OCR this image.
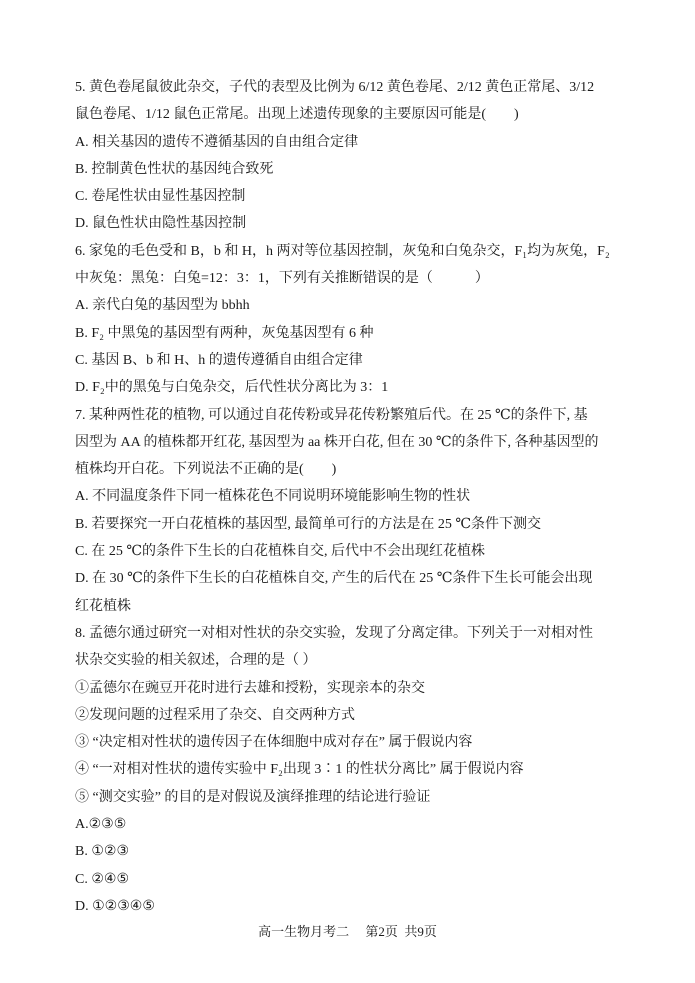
5. 黄色卷尾鼠彼此杂交，子代的表型及比例为 6/12 黄色卷尾、2/12 黄色正常尾、3/12
鼠色卷尾、1/12 鼠色正常尾。出现上述遗传现象的主要原因可能是(　　)
A. 相关基因的遗传不遵循基因的自由组合定律
B. 控制黄色性状的基因纯合致死
C. 卷尾性状由显性基因控制
D. 鼠色性状由隐性基因控制
6. 家兔的毛色受和 B，b 和 H，h 两对等位基因控制，灰兔和白兔杂交，F₁均为灰兔，F₂
中灰兔：黑兔：白兔=12：3：1，下列有关推断错误的是（　　　）
A. 亲代白兔的基因型为 bbhh
B. F₂ 中黑兔的基因型有两种，灰兔基因型有 6 种
C. 基因 B、b 和 H、h 的遗传遵循自由组合定律
D. F₂中的黑兔与白兔杂交，后代性状分离比为 3：1
7. 某种两性花的植物, 可以通过自花传粉或异花传粉繁殖后代。在 25 ℃的条件下, 基
因型为 AA 的植株都开红花, 基因型为 aa 株开白花, 但在 30 ℃的条件下, 各种基因型的
植株均开白花。下列说法不正确的是(　　)
A. 不同温度条件下同一植株花色不同说明环境能影响生物的性状
B. 若要探究一开白花植株的基因型, 最简单可行的方法是在 25 ℃条件下测交
C. 在 25 ℃的条件下生长的白花植株自交, 后代中不会出现红花植株
D. 在 30 ℃的条件下生长的白花植株自交, 产生的后代在 25 ℃条件下生长可能会出现
红花植株
8. 孟德尔通过研究一对相对性状的杂交实验，发现了分离定律。下列关于一对相对性
状杂交实验的相关叙述，合理的是（ ）
①孟德尔在豌豆开花时进行去雄和授粉，实现亲本的杂交
②发现问题的过程采用了杂交、自交两种方式
③ “决定相对性状的遗传因子在体细胞中成对存在” 属于假说内容
④ “一对相对性状的遗传实验中 F₂出现 3∶1 的性状分离比” 属于假说内容
⑤ “测交实验” 的目的是对假说及演绎推理的结论进行验证
A.②③⑤
B. ①②③
C. ②④⑤
D. ①②③④⑤
高一生物月考二     第2页  共9页
